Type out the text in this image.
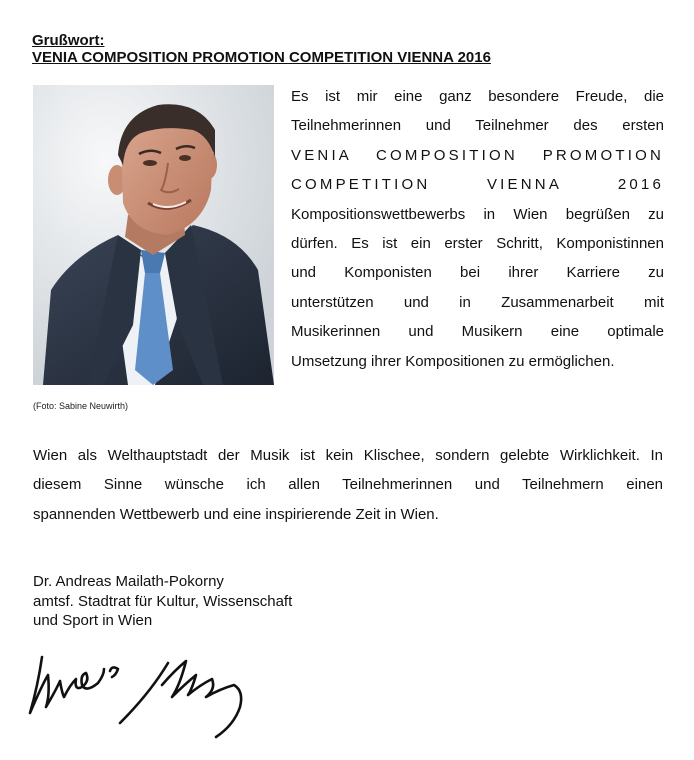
Grußwort:
VENIA COMPOSITION PROMOTION COMPETITION VIENNA 2016
(Foto: Sabine Neuwirth)

Es ist mir eine ganz besondere Freude, die
Teilnehmerinnen und Teilnehmer des ersten
VENIA COMPOSITION PROMOTION
COMPETITION VIENNA 2016
Kompositionswettbewerbs in Wien begrüßen zu
dürfen. Es ist ein erster Schritt, Komponistinnen
und Komponisten bei ihrer Karriere zu
unterstützen und in Zusammenarbeit mit
Musikerinnen und Musikern eine optimale
Umsetzung ihrer Kompositionen zu ermöglichen.

Wien als Welthauptstadt der Musik ist kein Klischee, sondern gelebte Wirklichkeit. In
diesem Sinne wünsche ich allen Teilnehmerinnen und Teilnehmern einen
spannenden Wettbewerb und eine inspirierende Zeit in Wien.

Dr. Andreas Mailath-Pokorny
amtsf. Stadtrat für Kultur, Wissenschaft
und Sport in Wien
